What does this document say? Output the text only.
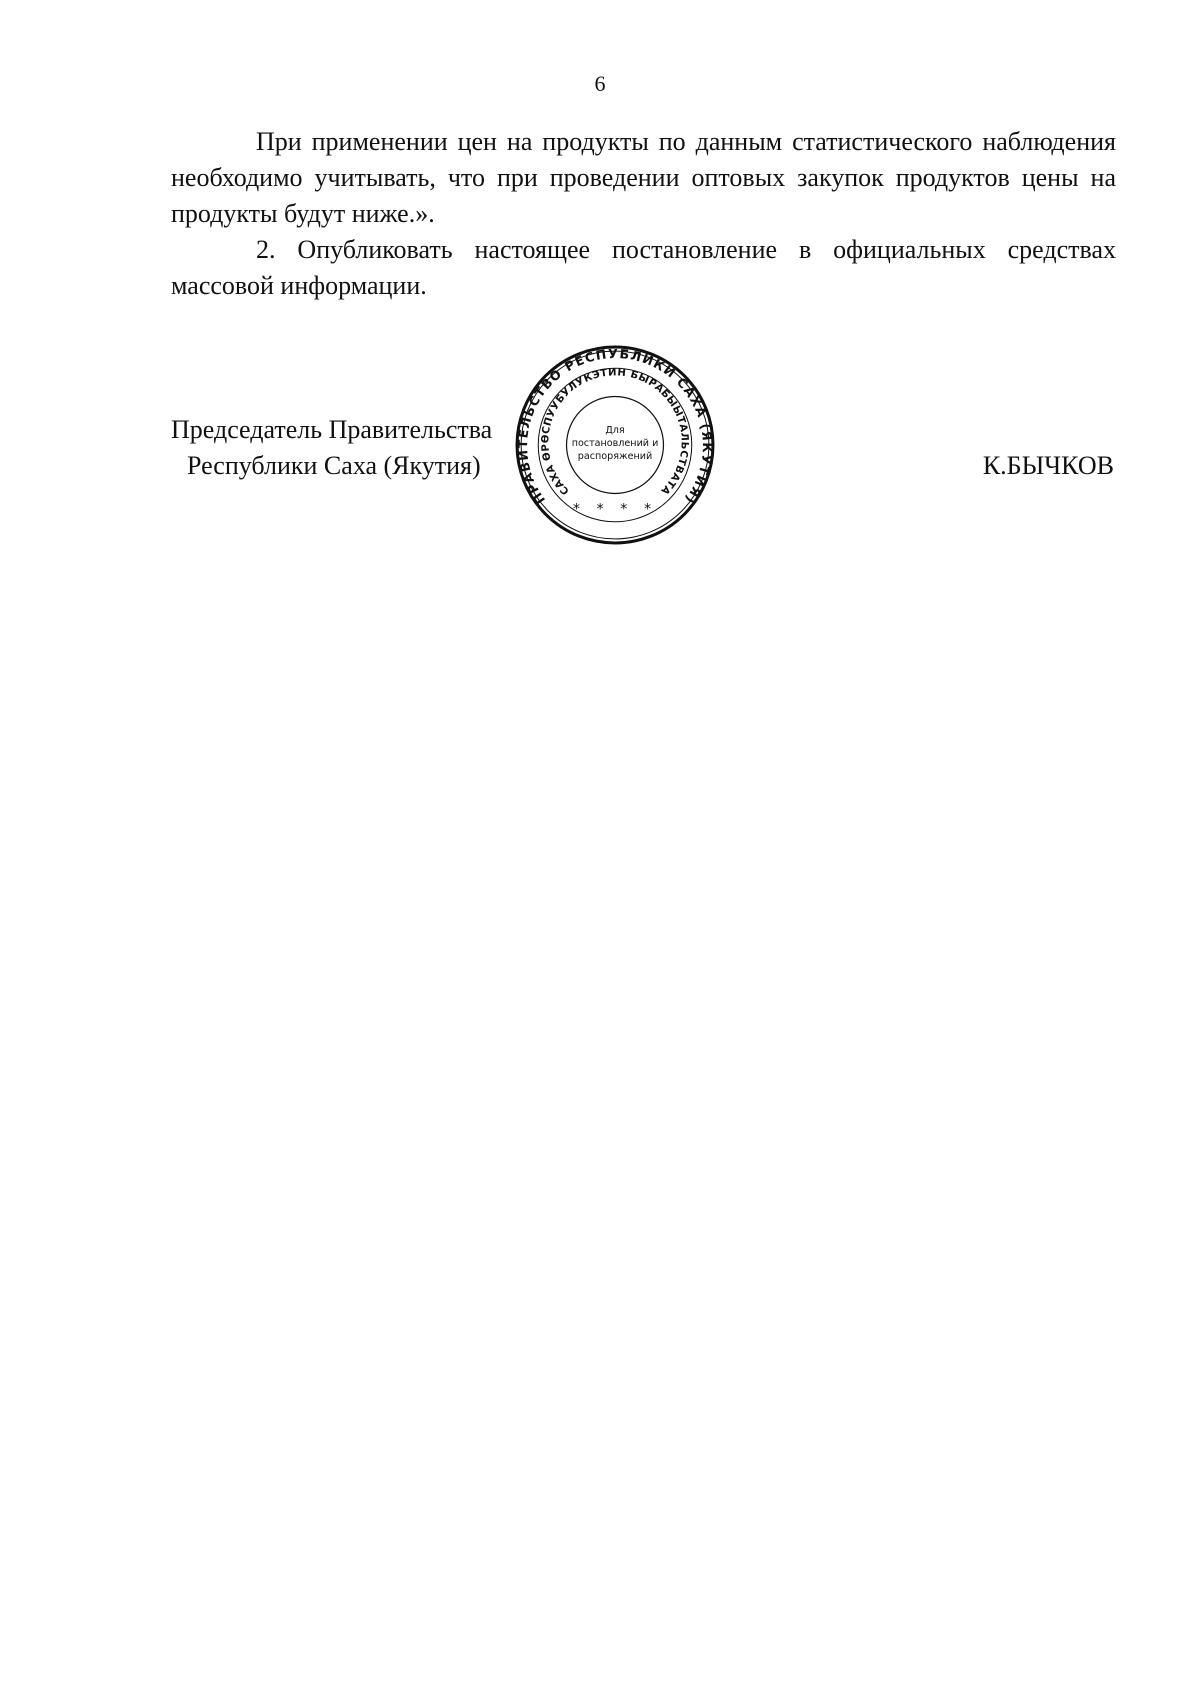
6

При применении цен на продукты по данным статистического наблюдения необходимо учитывать, что при проведении оптовых закупок продуктов цены на продукты будут ниже.».

2. Опубликовать настоящее постановление в официальных средствах массовой информации.

Председатель Правительства
Республики Саха (Якутия)	К.БЫЧКОВ
ПРАВИТЕЛЬСТВО РЕСПУБЛИКИ САХА (ЯКУТИЯ)
САХА ӨРӨСПУУБУЛУКЭТИН БЫРАБЫЫТАЛЬСТВАТА
Для
постановлений и
распоряжений
* * * *
